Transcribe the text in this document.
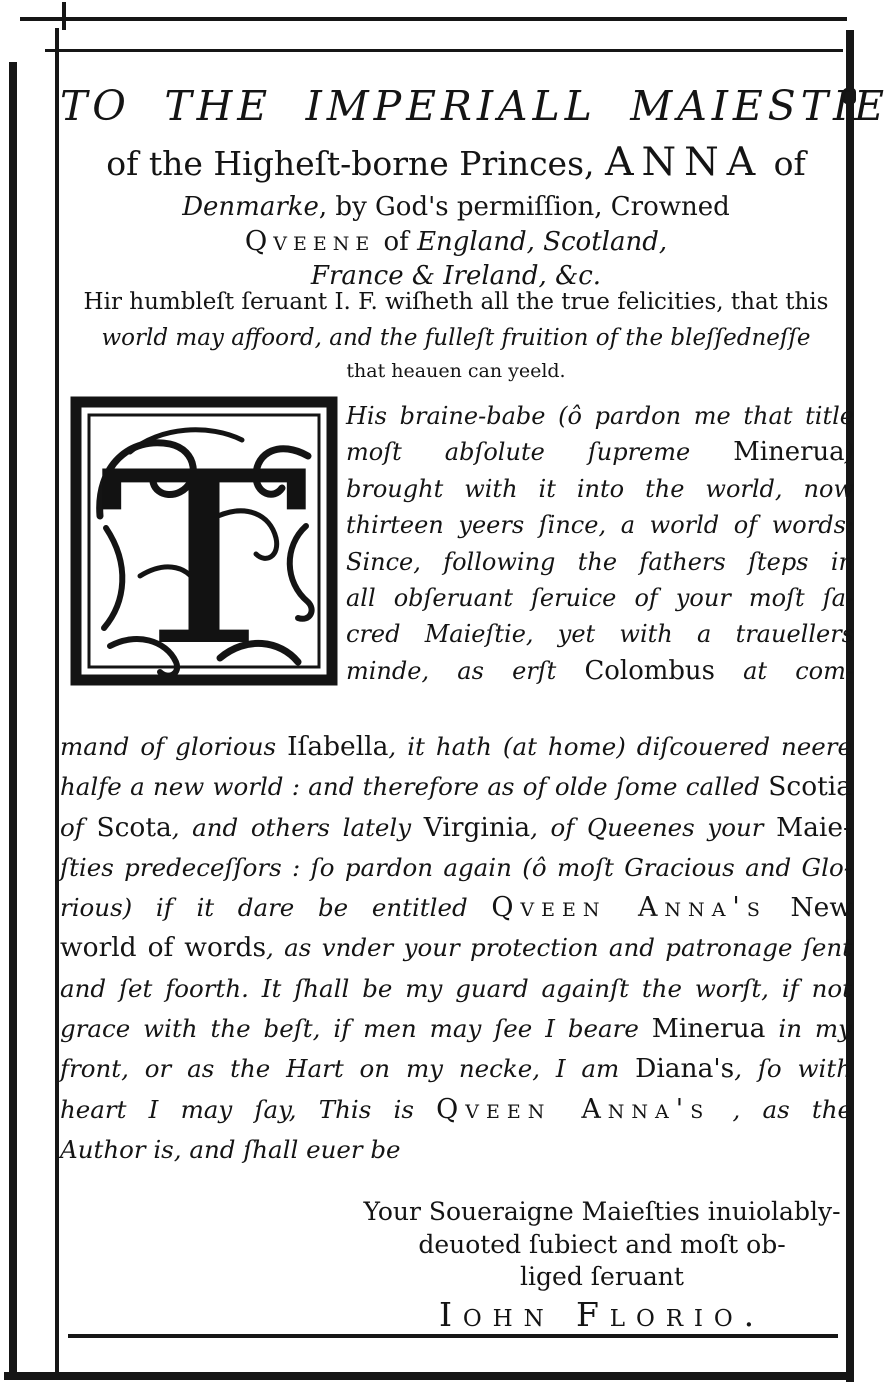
TO THE IMPERIALL MAIESTIE
of the Higheſt-borne Princes, ANNA of
Denmarke, by God's permiſſion, Crowned
Qveene of England, Scotland,
France & Ireland, &c.
Hir humbleſt ſeruant I. F. wiſheth all the true felicities, that this
world may affoord, and the fulleſt fruition of the bleſſedneſſe
that heauen can yeeld.
T
His braine-babe (ô pardon me that title
moſt abſolute ſupreme Minerua)
brought with it into the world, now
thirteen yeers ſince, a world of words:
Since, following the fathers ſteps in
all obſeruant ſeruice of your moſt ſa-
cred Maieſtie, yet with a trauellers
minde, as erſt Colombus at com-
mand of glorious Iſabella, it hath (at home) diſcouered neere
halfe a new world : and therefore as of olde ſome called Scotia
of Scota, and others lately Virginia, of Queenes your Maie-
ſties predeceſſors : ſo pardon again (ô moſt Gracious and Glo-
rious) if it dare be entitled Qveen Anna's New
world of words, as vnder your protection and patronage ſent
and ſet foorth. It ſhall be my guard againſt the worſt, if not
grace with the beſt, if men may ſee I beare Minerua in my
front, or as the Hart on my necke, I am Diana's, ſo with
heart I may ſay, This is Qveen Anna's , as the
Author is, and ſhall euer be
Your Soueraigne Maieſties inuiolably-
deuoted ſubiect and moſt ob-
liged ſeruant
Iohn Florio.
